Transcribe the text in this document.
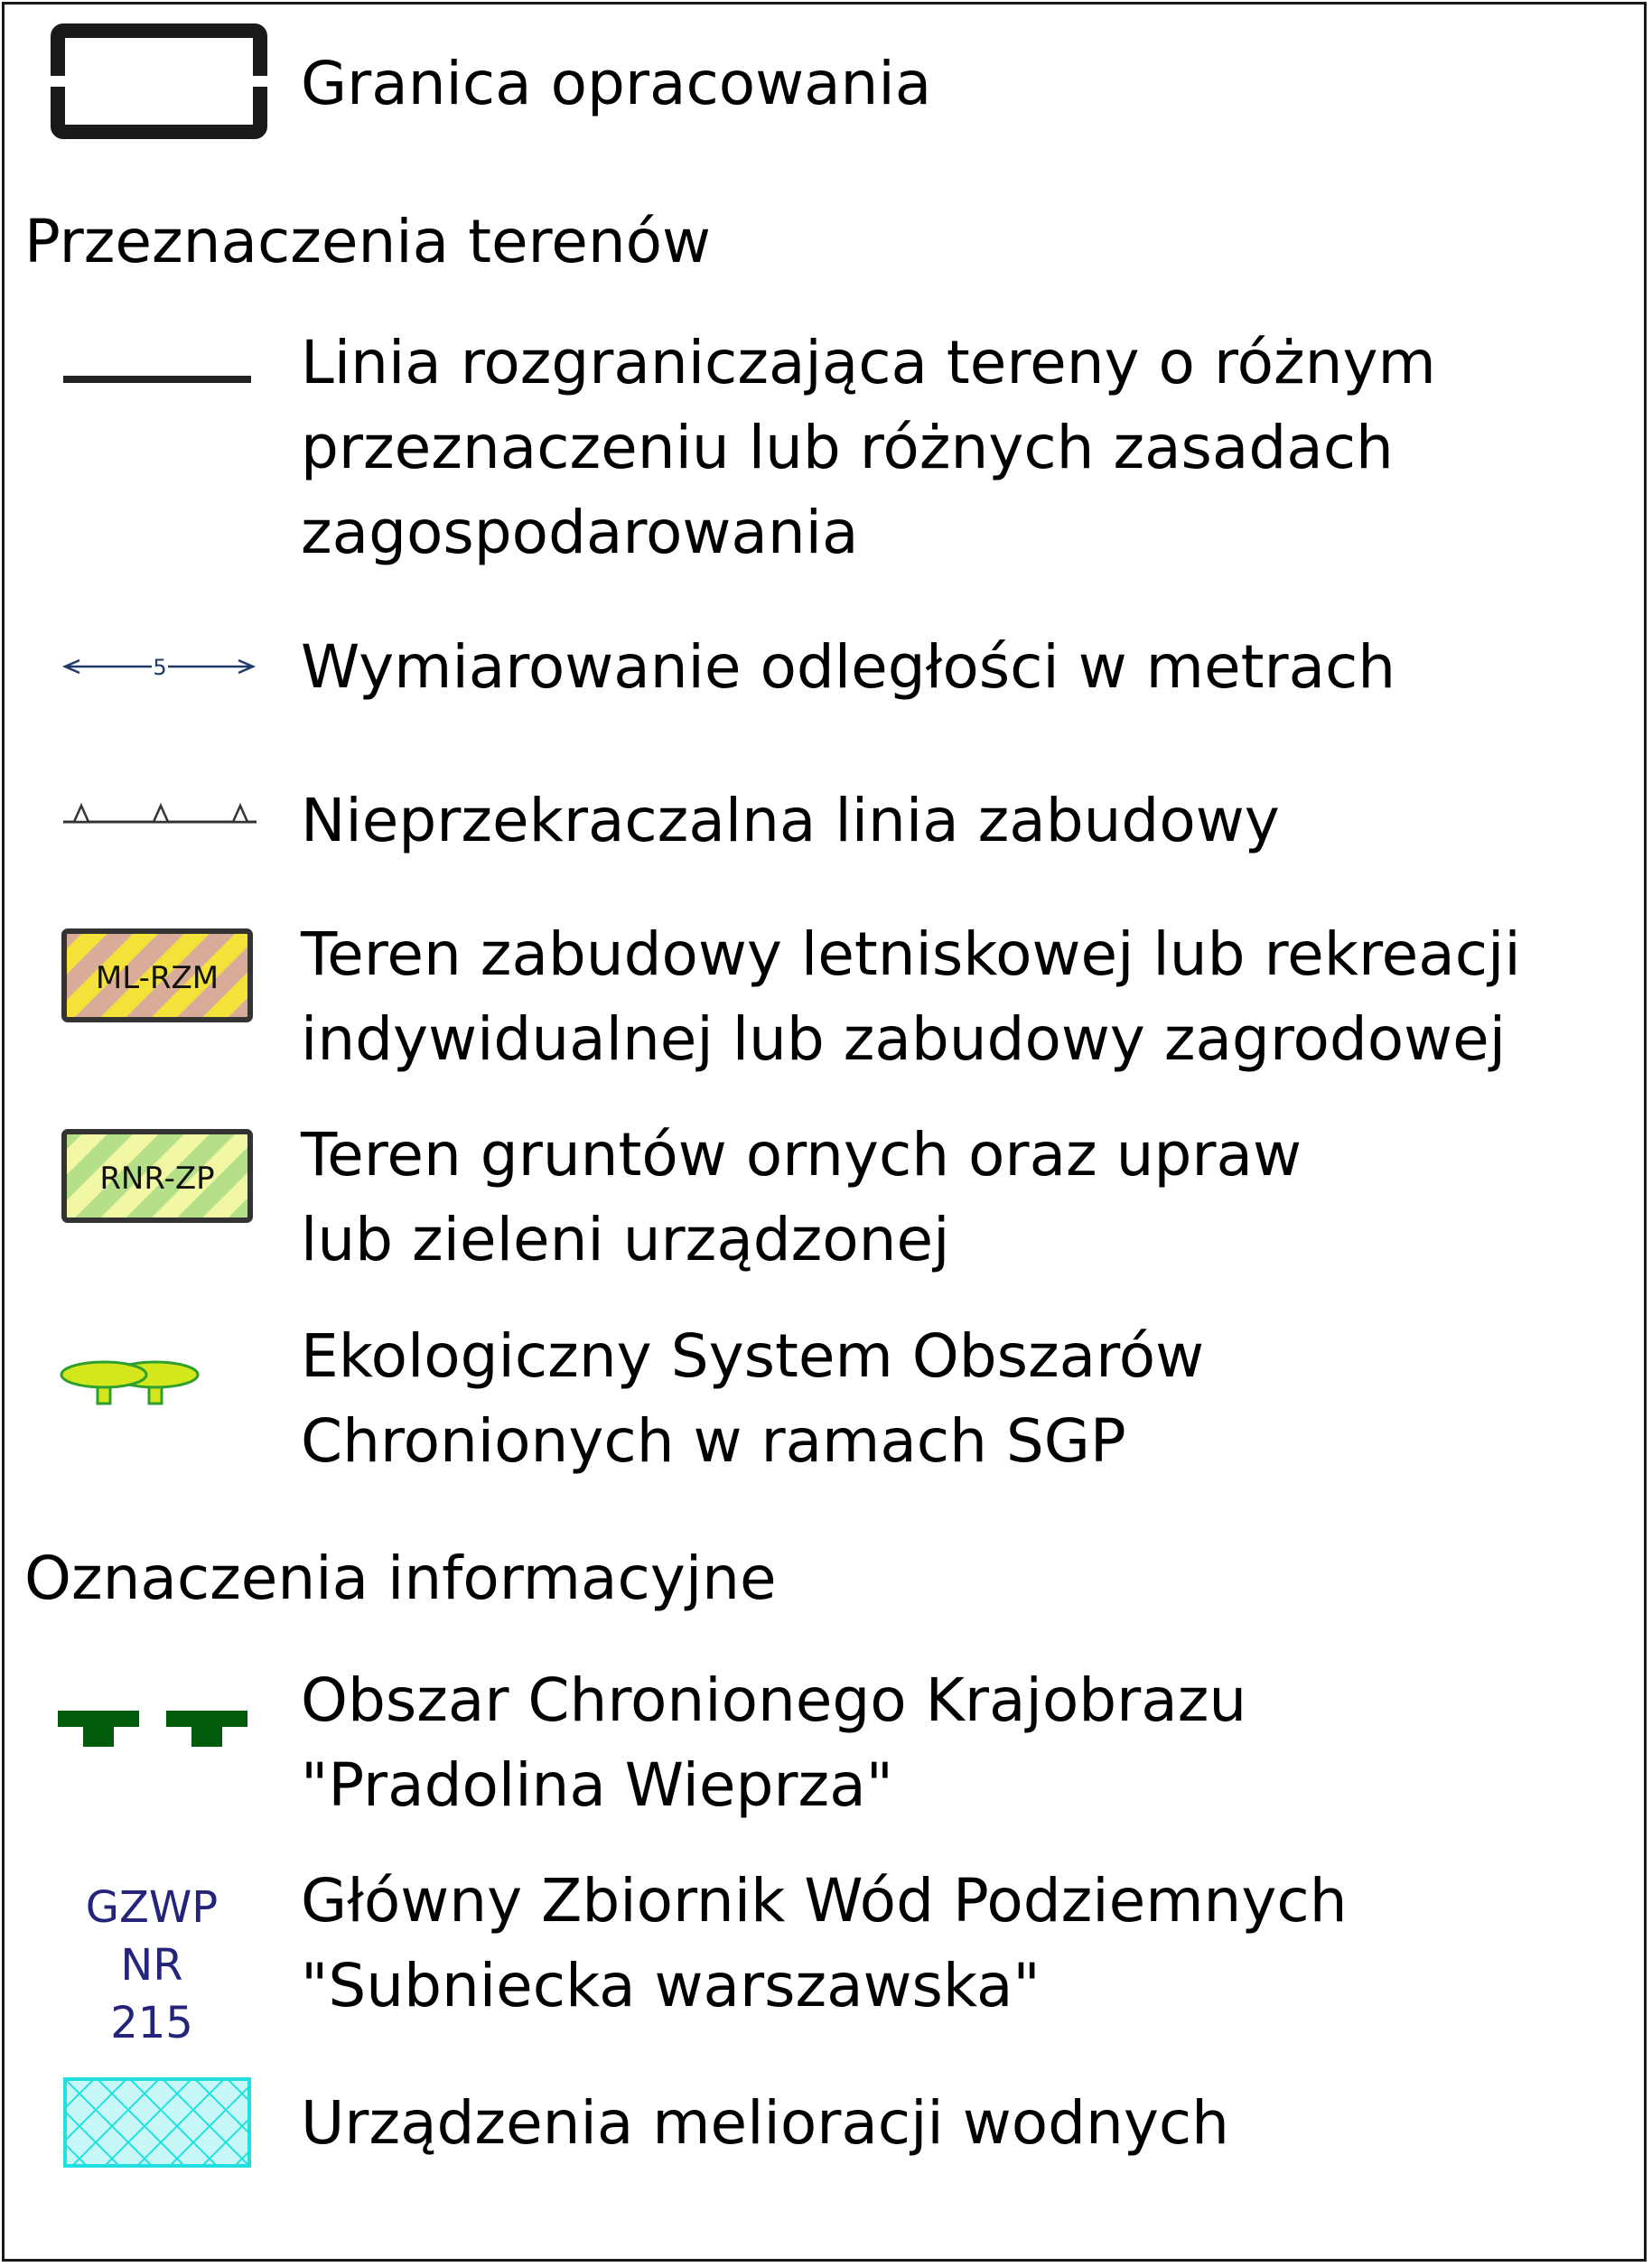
Granica opracowania
Przeznaczenia terenów
Linia rozgraniczająca tereny o różnym
przeznaczeniu lub różnych zasadach
zagospodarowania
5 Wymiarowanie odległości w metrach
Nieprzekraczalna linia zabudowy
ML-RZM Teren zabudowy letniskowej lub rekreacji
indywidualnej lub zabudowy zagrodowej
RNR-ZP Teren gruntów ornych oraz upraw
lub zieleni urządzonej
Ekologiczny System Obszarów
Chronionych w ramach SGP
Oznaczenia informacyjne
Obszar Chronionego Krajobrazu
"Pradolina Wieprza"
GZWP
NR
215
Główny Zbiornik Wód Podziemnych
"Subniecka warszawska"
Urządzenia melioracji wodnych
